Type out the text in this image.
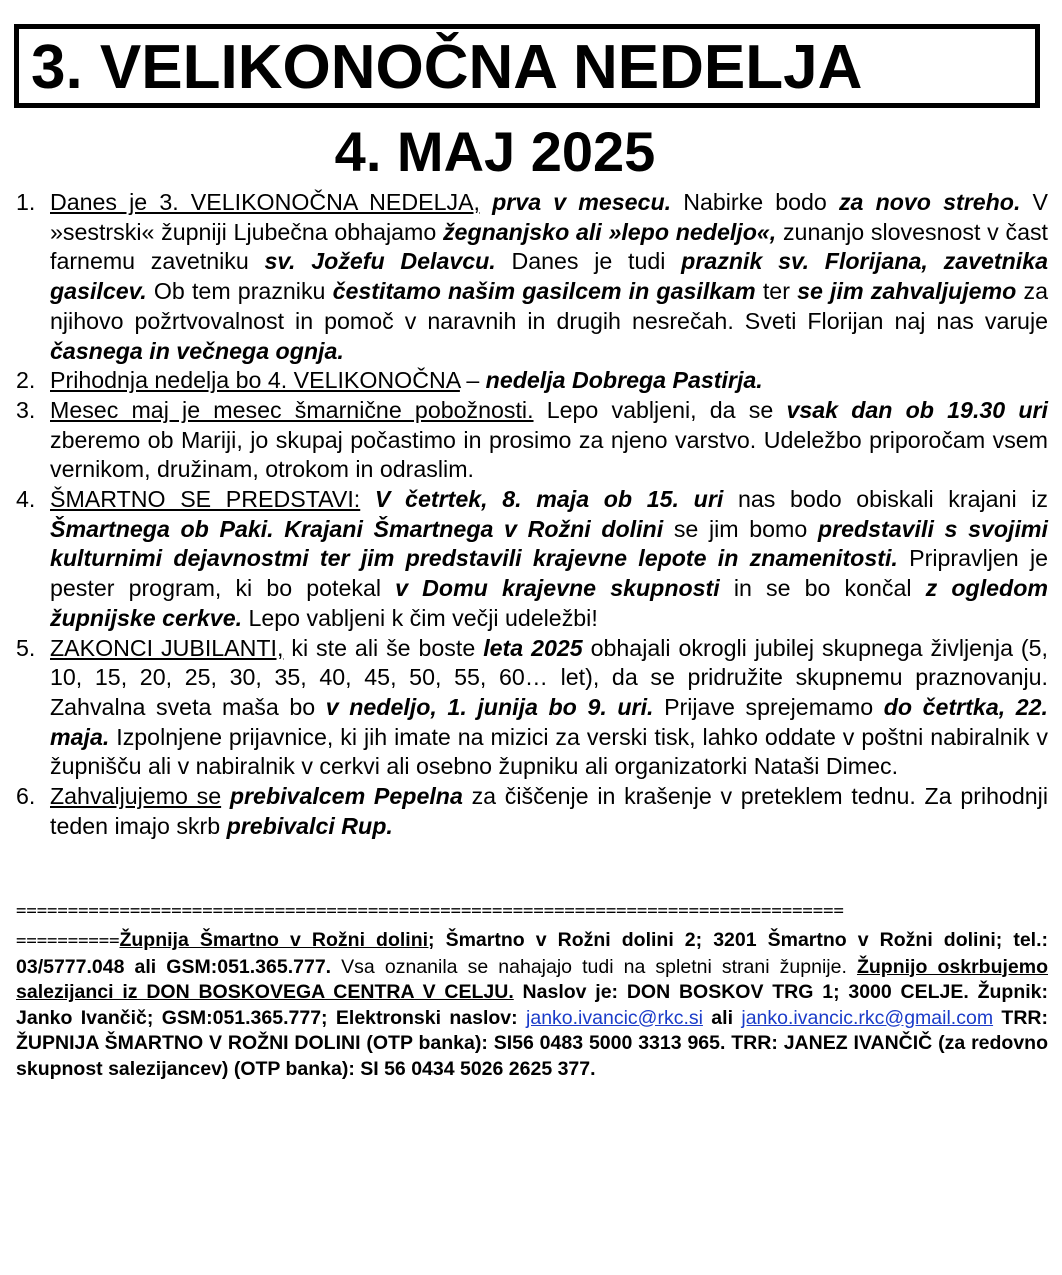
3. VELIKONOČNA NEDELJA
4. MAJ 2025
1. Danes je 3. VELIKONOČNA NEDELJA, prva v mesecu. Nabirke bodo za novo streho. V »sestrski« župniji Ljubečna obhajamo žegnanjsko ali »lepo nedeljo«, zunanjo slovesnost v čast farnemu zavetniku sv. Jožefu Delavcu. Danes je tudi praznik sv. Florijana, zavetnika gasilcev. Ob tem prazniku čestitamo našim gasilcem in gasilkam ter se jim zahvaljujemo za njihovo požrtvovalnost in pomoč v naravnih in drugih nesrečah. Sveti Florijan naj nas varuje časnega in večnega ognja.
2. Prihodnja nedelja bo 4. VELIKONOČNA – nedelja Dobrega Pastirja.
3. Mesec maj je mesec šmarnične pobožnosti. Lepo vabljeni, da se vsak dan ob 19.30 uri zberemo ob Mariji, jo skupaj počastimo in prosimo za njeno varstvo. Udeležbo priporočam vsem vernikom, družinam, otrokom in odraslim.
4. ŠMARTNO SE PREDSTAVI: V četrtek, 8. maja ob 15. uri nas bodo obiskali krajani iz Šmartnega ob Paki. Krajani Šmartnega v Rožni dolini se jim bomo predstavili s svojimi kulturnimi dejavnostmi ter jim predstavili krajevne lepote in znamenitosti. Pripravljen je pester program, ki bo potekal v Domu krajevne skupnosti in se bo končal z ogledom župnijske cerkve. Lepo vabljeni k čim večji udeležbi!
5. ZAKONCI JUBILANTI, ki ste ali še boste leta 2025 obhajali okrogli jubilej skupnega življenja (5, 10, 15, 20, 25, 30, 35, 40, 45, 50, 55, 60… let), da se pridružite skupnemu praznovanju. Zahvalna sveta maša bo v nedeljo, 1. junija bo 9. uri. Prijave sprejemamo do četrtka, 22. maja. Izpolnjene prijavnice, ki jih imate na mizici za verski tisk, lahko oddate v poštni nabiralnik v župnišču ali v nabiralnik v cerkvi ali osebno župniku ali organizatorki Nataši Dimec.
6. Zahvaljujemo se prebivalcem Pepelna za čiščenje in krašenje v preteklem tednu. Za prihodnji teden imajo skrb prebivalci Rup.
================================================================================
==========Župnija Šmartno v Rožni dolini; Šmartno v Rožni dolini 2; 3201 Šmartno v Rožni dolini; tel.: 03/5777.048 ali GSM:051.365.777. Vsa oznanila se nahajajo tudi na spletni strani župnije. Župnijo oskrbujemo salezijanci iz DON BOSKOVEGA CENTRA V CELJU. Naslov je: DON BOSKOV TRG 1; 3000 CELJE. Župnik: Janko Ivančič; GSM:051.365.777; Elektronski naslov: janko.ivancic@rkc.si ali janko.ivancic.rkc@gmail.com TRR: ŽUPNIJA ŠMARTNO V ROŽNI DOLINI (OTP banka): SI56 0483 5000 3313 965. TRR: JANEZ IVANČIČ (za redovno skupnost salezijancev) (OTP banka): SI 56 0434 5026 2625 377.
